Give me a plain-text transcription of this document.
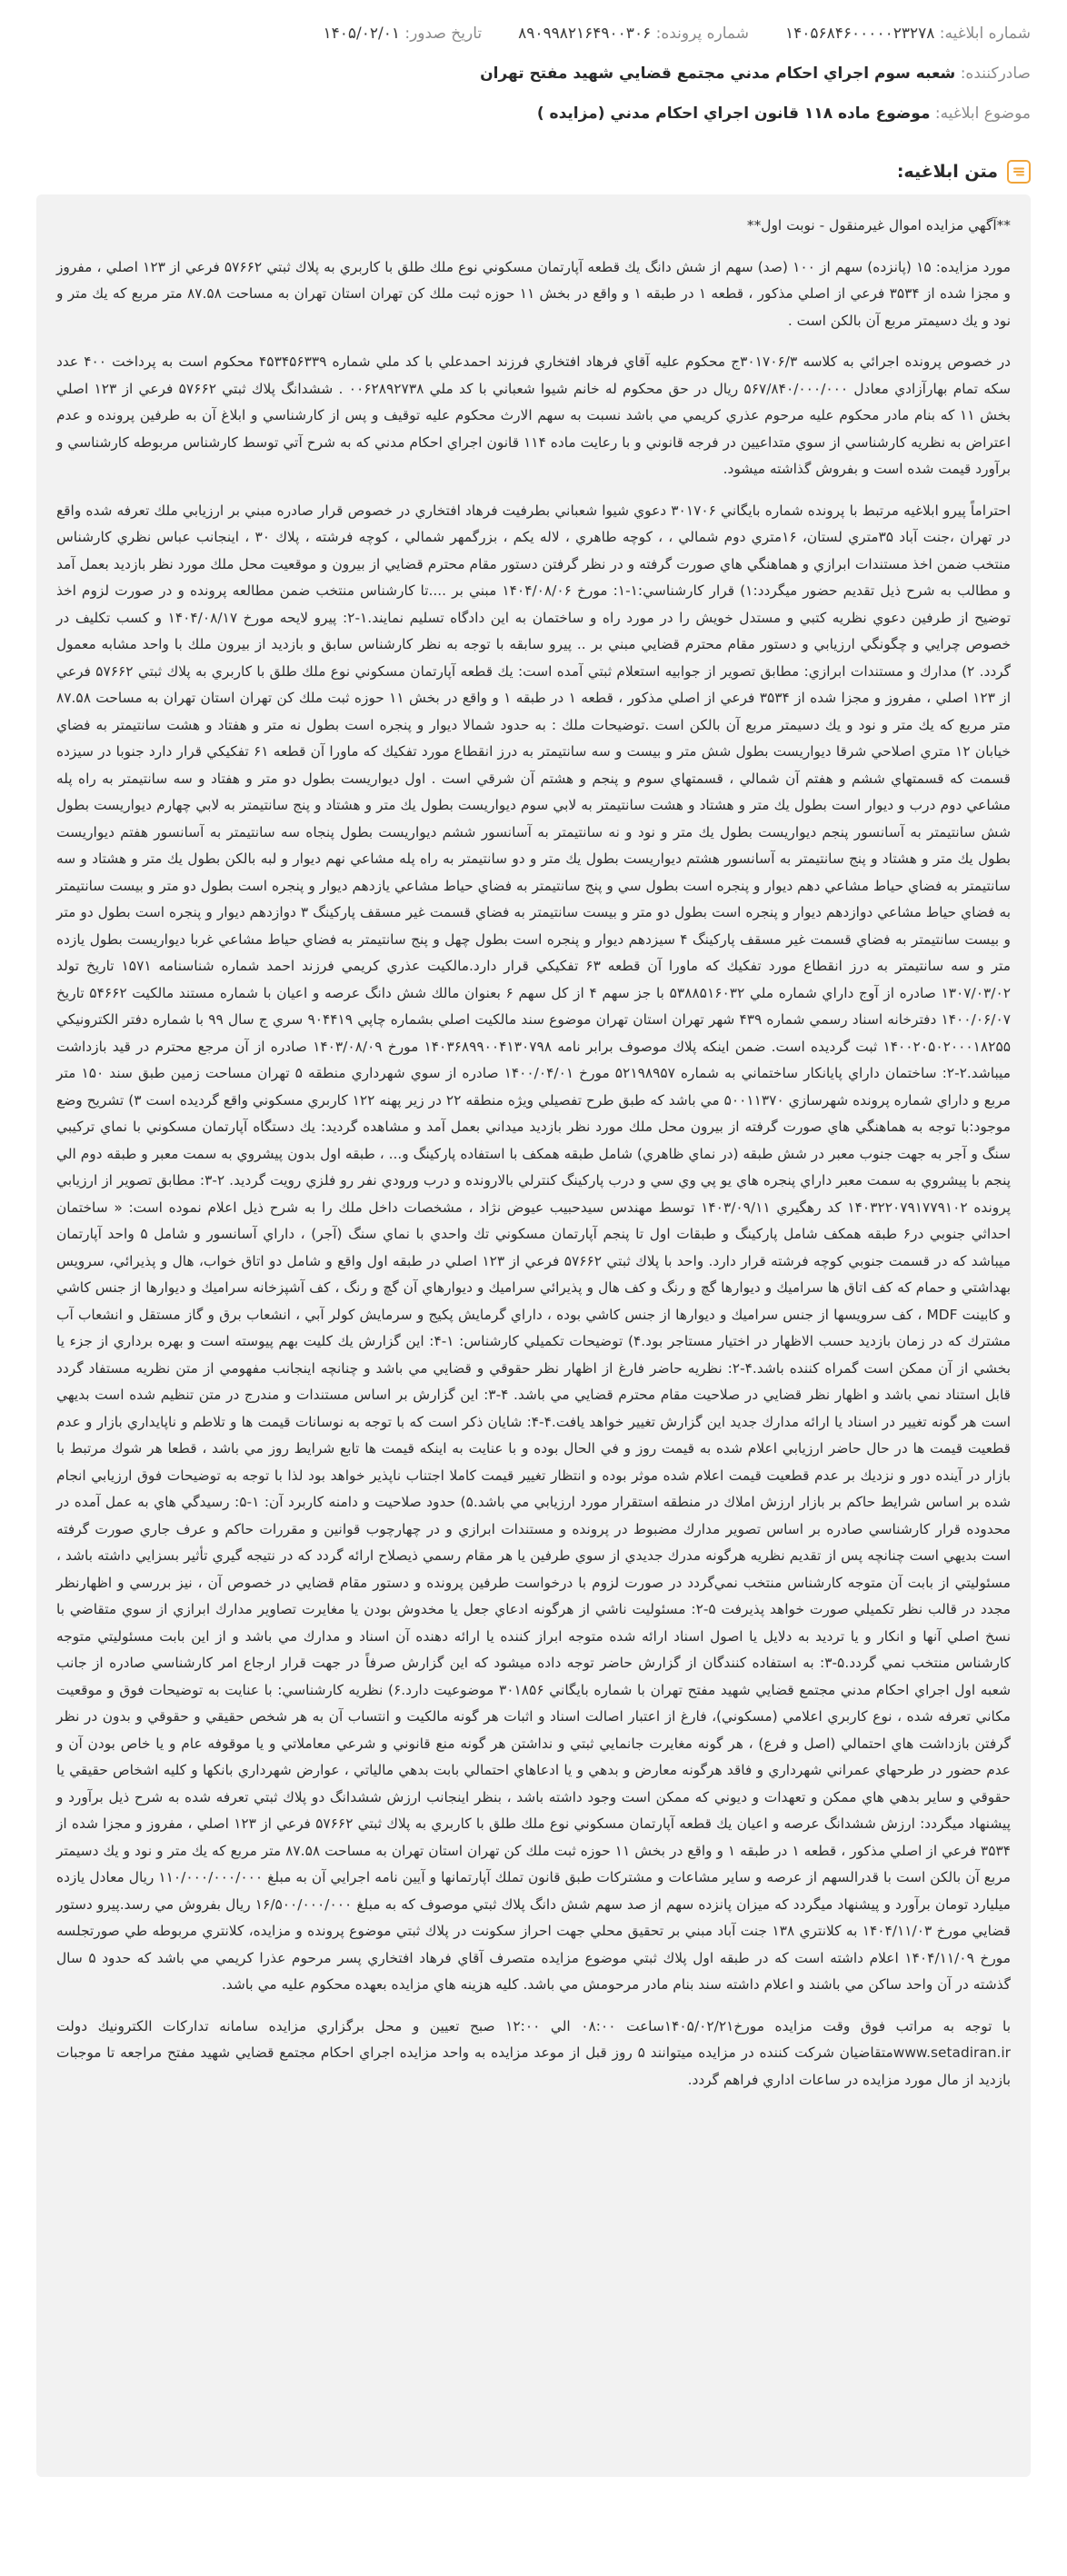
شماره ابلاغيه: ۱۴۰۵۶۸۴۶۰۰۰۰۰۲۳۲۷۸
شماره پرونده: ۸۹۰۹۹۸۲۱۶۴۹۰۰۳۰۶
تاريخ صدور: ۱۴۰۵/۰۲/۰۱
صادرکننده: شعبه سوم اجراي احكام مدني مجتمع قضايي شهيد مفتح تهران
موضوع ابلاغيه: موضوع ماده ۱۱۸ قانون اجراي احكام مدني (مزايده )
متن ابلاغيه:

**آگهي مزايده اموال غيرمنقول - نوبت اول**

مورد مزايده: ۱۵ (پانزده) سهم از ۱۰۰ (صد) سهم از شش دانگ يك قطعه آپارتمان مسكوني نوع ملك طلق با كاربري به پلاك ثبتي ۵۷۶۶۲ فرعي از ۱۲۳ اصلي ، مفروز و مجزا شده از ۳۵۳۴ فرعي از اصلي مذكور ، قطعه ۱ در طبقه ۱ و واقع در بخش ۱۱ حوزه ثبت ملك كن تهران استان تهران به مساحت ۸۷.۵۸ متر مربع كه يك متر و نود و يك دسيمتر مربع آن بالكن است .

در خصوص پرونده اجرائي به كلاسه ۳۰۱۷۰۶/۳ج محكوم عليه آقاي فرهاد افتخاري فرزند احمدعلي با كد ملي شماره ۴۵۳۴۵۶۳۳۹ محكوم است به پرداخت ۴۰۰ عدد سكه تمام بهارآزادي معادل ۵۶۷/۸۴۰/۰۰۰/۰۰۰ ريال در حق محكوم له خانم شيوا شعباني با كد ملي ۰۰۶۲۸۹۲۷۳۸ . ششدانگ پلاك ثبتي ۵۷۶۶۲ فرعي از ۱۲۳ اصلي بخش ۱۱ كه بنام مادر محكوم عليه مرحوم عذري كريمي مي باشد نسبت به سهم الارث محكوم عليه توقيف و پس از كارشناسي و ابلاغ آن به طرفين پرونده و عدم اعتراض به نظريه كارشناسي از سوي متداعيين در فرجه قانوني و با رعايت ماده ۱۱۴ قانون اجراي احكام مدني كه به شرح آتي توسط كارشناس مربوطه كارشناسي و برآورد قيمت شده است و بفروش گذاشته ميشود.

احتراماً پيرو ابلاغيه مرتبط با پرونده شماره بايگاني ۳۰۱۷۰۶ دعوي شيوا شعباني بطرفيت فرهاد افتخاري در خصوص قرار صادره مبني بر ارزيابي ملك تعرفه شده واقع در تهران ،جنت آباد ۳۵متري لستان، ۱۶متري دوم شمالي ، ، كوچه طاهري ، لاله يكم ، بزرگمهر شمالي ، كوچه فرشته ، پلاك ۳۰ ، اينجانب عباس نظري كارشناس منتخب ضمن اخذ مستندات ابرازي و هماهنگي هاي صورت گرفته و در نظر گرفتن دستور مقام محترم قضايي از بيرون و موقعيت محل ملك مورد نظر بازديد بعمل آمد و مطالب به شرح ذيل تقديم حضور ميگردد:۱) قرار كارشناسي:۱-۱: مورخ ۱۴۰۴/۰۸/۰۶ مبني بر ....تا كارشناس منتخب ضمن مطالعه پرونده و در صورت لزوم اخذ توضيح از طرفين دعوي نظريه كتبي و مستدل خويش را در مورد راه و ساختمان به اين دادگاه تسليم نمايند.۱-۲: پيرو لايحه مورخ ۱۴۰۴/۰۸/۱۷ و كسب تكليف در خصوص چرايي و چگونگي ارزيابي و دستور مقام محترم قضايي مبني بر .. پيرو سابقه با توجه به نظر كارشناس سابق و بازديد از بيرون ملك با واحد مشابه معمول گردد. ۲) مدارك و مستندات ابرازي: مطابق تصوير از جوابيه استعلام ثبتي آمده است: يك قطعه آپارتمان مسكوني نوع ملك طلق با كاربري به پلاك ثبتي ۵۷۶۶۲ فرعي از ۱۲۳ اصلي ، مفروز و مجزا شده از ۳۵۳۴ فرعي از اصلي مذكور ، قطعه ۱ در طبقه ۱ و واقع در بخش ۱۱ حوزه ثبت ملك كن تهران استان تهران به مساحت ۸۷.۵۸ متر مربع كه يك متر و نود و يك دسيمتر مربع آن بالكن است .توضيحات ملك : به حدود شمالا ديوار و پنجره است بطول نه متر و هفتاد و هشت سانتيمتر به فضاي خيابان ۱۲ متري اصلاحي شرقا ديواريست بطول شش متر و بيست و سه سانتيمتر به درز انقطاع مورد تفكيك كه ماورا آن قطعه ۶۱ تفكيكي قرار دارد جنوبا در سيزده قسمت كه قسمتهاي ششم و هفتم آن شمالي ، قسمتهاي سوم و پنجم و هشتم آن شرقي است . اول ديواريست بطول دو متر و هفتاد و سه سانتيمتر به راه پله مشاعي دوم درب و ديوار است بطول يك متر و هشتاد و هشت سانتيمتر به لابي سوم ديواريست بطول يك متر و هشتاد و پنج سانتيمتر به لابي چهارم ديواريست بطول شش سانتيمتر به آسانسور پنجم ديواريست بطول يك متر و نود و نه سانتيمتر به آسانسور ششم ديواريست بطول پنجاه سه سانتيمتر به آسانسور هفتم ديواريست بطول يك متر و هشتاد و پنج سانتيمتر به آسانسور هشتم ديواريست بطول يك متر و دو سانتيمتر به راه پله مشاعي نهم ديوار و لبه بالكن بطول يك متر و هشتاد و سه سانتيمتر به فضاي حياط مشاعي دهم ديوار و پنجره است بطول سي و پنج سانتيمتر به فضاي حياط مشاعي يازدهم ديوار و پنجره است بطول دو متر و بيست سانتيمتر به فضاي حياط مشاعي دوازدهم ديوار و پنجره است بطول دو متر و بيست سانتيمتر به فضاي قسمت غير مسقف پاركينگ ۳ دوازدهم ديوار و پنجره است بطول دو متر و بيست سانتيمتر به فضاي قسمت غير مسقف پاركينگ ۴ سيزدهم ديوار و پنجره است بطول چهل و پنج سانتيمتر به فضاي حياط مشاعي غربا ديواريست بطول يازده متر و سه سانتيمتر به درز انقطاع مورد تفكيك كه ماورا آن قطعه ۶۳ تفكيكي قرار دارد.مالكيت عذري كريمي فرزند احمد شماره شناسنامه ۱۵۷۱ تاريخ تولد ۱۳۰۷/۰۳/۰۲ صادره از آوج داراي شماره ملي ۵۳۸۸۵۱۶۰۳۲ با جز سهم ۴ از كل سهم ۶ بعنوان مالك شش دانگ عرصه و اعيان با شماره مستند مالكيت ۵۴۶۶۲ تاريخ ۱۴۰۰/۰۶/۰۷ دفترخانه اسناد رسمي شماره ۴۳۹ شهر تهران استان تهران موضوع سند مالكيت اصلي بشماره چاپي ۹۰۴۴۱۹ سري ج سال ۹۹ با شماره دفتر الكترونيكي ۱۴۰۰۲۰۵۰۲۰۰۰۱۸۲۵۵ ثبت گرديده است. ضمن اينكه پلاك موصوف برابر نامه ۱۴۰۳۶۸۹۹۰۰۴۱۳۰۷۹۸ مورخ ۱۴۰۳/۰۸/۰۹ صادره از آن مرجع محترم در قيد بازداشت ميباشد.۲-۲: ساختمان داراي پايانكار ساختماني به شماره ۵۲۱۹۸۹۵۷ مورخ ۱۴۰۰/۰۴/۰۱ صادره از سوي شهرداري منطقه ۵ تهران مساحت زمين طبق سند ۱۵۰ متر مربع و داراي شماره پرونده شهرسازي ۵۰۰۱۱۳۷۰ مي باشد كه طبق طرح تفصيلي ويژه منطقه ۲۲ در زير پهنه ۱۲۲ كاربري مسكوني واقع گرديده است ۳) تشريح وضع موجود:با توجه به هماهنگي هاي صورت گرفته از بيرون محل ملك مورد نظر بازديد ميداني بعمل آمد و مشاهده گرديد: يك دستگاه آپارتمان مسكوني با نماي تركيبي سنگ و آجر به جهت جنوب معبر در شش طبقه (در نماي ظاهري) شامل طبقه همكف با استفاده پاركينگ و... ، طبقه اول بدون پيشروي به سمت معبر و طبقه دوم الي پنجم با پيشروي به سمت معبر داراي پنجره هاي يو پي وي سي و درب پاركينگ كنترلي بالارونده و درب ورودي نفر رو فلزي رويت گرديد. ۲-۳: مطابق تصوير از ارزيابي پرونده ۱۴۰۳۲۲۰۷۹۱۷۷۹۱۰۲ كد رهگيري ۱۴۰۳/۰۹/۱۱ توسط مهندس سيدحبيب عيوض نژاد ، مشخصات داخل ملك را به شرح ذيل اعلام نموده است: « ساختمان احداثي جنوبي در۶ طبقه همكف شامل پاركينگ و طبقات اول تا پنجم آپارتمان مسكوني تك واحدي با نماي سنگ (آجر) ، داراي آسانسور و شامل ۵ واحد آپارتمان ميباشد كه در قسمت جنوبي كوچه فرشته قرار دارد. واحد با پلاك ثبتي ۵۷۶۶۲ فرعي از ۱۲۳ اصلي در طبقه اول واقع و شامل دو اتاق خواب، هال و پذيرائي، سرويس بهداشتي و حمام كه كف اتاق ها سراميك و ديوارها گچ و رنگ و كف هال و پذيرائي سراميك و ديوارهاي آن گچ و رنگ ، كف آشپزخانه سراميك و ديوارها از جنس كاشي و كابينت MDF ، كف سرويسها از جنس سراميك و ديوارها از جنس كاشي بوده ، داراي گرمايش پكيج و سرمايش كولر آبي ، انشعاب برق و گاز مستقل و انشعاب آب مشترك كه در زمان بازديد حسب الاظهار در اختيار مستاجر بود.۴) توضيحات تكميلي كارشناس: ۱-۴: اين گزارش يك كليت بهم پيوسته است و بهره برداري از جزء يا بخشي از آن ممكن است گمراه كننده باشد.۴-۲: نظريه حاضر فارغ از اظهار نظر حقوقي و قضايي مي باشد و چنانچه اينجانب مفهومي از متن نظريه مستفاد گردد قابل استناد نمي باشد و اظهار نظر قضايي در صلاحيت مقام محترم قضايي مي باشد. ۴-۳: اين گزارش بر اساس مستندات و مندرج در متن تنظيم شده است بديهي است هر گونه تغيير در اسناد يا ارائه مدارك جديد اين گزارش تغيير خواهد يافت.۴-۴: شايان ذكر است كه با توجه به نوسانات قيمت ها و تلاطم و ناپايداري بازار و عدم قطعيت قيمت ها در حال حاضر ارزيابي اعلام شده به قيمت روز و في الحال بوده و با عنايت به اينكه قيمت ها تابع شرايط روز مي باشد ، قطعا هر شوك مرتبط با بازار در آينده دور و نزديك بر عدم قطعيت قيمت اعلام شده موثر بوده و انتظار تغيير قيمت كاملا اجتناب ناپذير خواهد بود لذا با توجه به توضيحات فوق ارزيابي انجام شده بر اساس شرايط حاكم بر بازار ارزش املاك در منطقه استقرار مورد ارزيابي مي باشد.۵) حدود صلاحيت و دامنه كاربرد آن: ۱-۵: رسيدگي هاي به عمل آمده در محدوده قرار كارشناسي صادره بر اساس تصوير مدارك مضبوط در پرونده و مستندات ابرازي و در چهارچوب قوانين و مقررات حاكم و عرف جاري صورت گرفته است بديهي است چنانچه پس از تقديم نظريه هرگونه مدرك جديدي از سوي طرفين يا هر مقام رسمي ذيصلاح ارائه گردد كه در نتيجه گيري تأثير بسزايي داشته باشد ، مسئوليتي از بابت آن متوجه كارشناس منتخب نمي‌گردد در صورت لزوم با درخواست طرفين پرونده و دستور مقام قضايي در خصوص آن ، نيز بررسي و اظهارنظر مجدد در قالب نظر تكميلي صورت خواهد پذيرفت ۵-۲: مسئوليت ناشي از هرگونه ادعاي جعل يا مخدوش بودن يا مغايرت تصاوير مدارك ابرازي از سوي متقاضي با نسخ اصلي آنها و انكار و يا ترديد به دلايل يا اصول اسناد ارائه شده متوجه ابراز كننده يا ارائه دهنده آن اسناد و مدارك مي باشد و از اين بابت مسئوليتي متوجه كارشناس منتخب نمي گردد.۵-۳: به استفاده كنندگان از گزارش حاضر توجه داده ميشود كه اين گزارش صرفاً در جهت قرار ارجاع امر كارشناسي صادره از جانب شعبه اول اجراي احكام مدني مجتمع قضايي شهيد مفتح تهران با شماره بايگاني ۳۰۱۸۵۶ موضوعيت دارد.۶) نظريه كارشناسي: با عنايت به توضيحات فوق و موقعيت مكاني تعرفه شده ، نوع كاربري اعلامي (مسكوني)، فارغ از اعتبار اصالت اسناد و اثبات هر گونه مالكيت و انتساب آن به هر شخص حقيقي و حقوقي و بدون در نظر گرفتن بازداشت هاي احتمالي (اصل و فرع) ، هر گونه مغايرت جانمايي ثبتي و نداشتن هر گونه منع قانوني و شرعي معاملاتي و يا موقوفه عام و يا خاص بودن آن و عدم حضور در طرحهاي عمراني شهرداري و فاقد هرگونه معارض و بدهي و يا ادعاهاي احتمالي بابت بدهي مالياتي ، عوارض شهرداري بانكها و كليه اشخاص حقيقي يا حقوقي و ساير بدهي هاي ممكن و تعهدات و ديوني كه ممكن است وجود داشته باشد ، بنظر اينجانب ارزش ششدانگ دو پلاك ثبتي تعرفه شده به شرح ذيل برآورد و پيشنهاد ميگردد: ارزش ششدانگ عرصه و اعيان يك قطعه آپارتمان مسكوني نوع ملك طلق با كاربري به پلاك ثبتي ۵۷۶۶۲ فرعي از ۱۲۳ اصلي ، مفروز و مجزا شده از ۳۵۳۴ فرعي از اصلي مذكور ، قطعه ۱ در طبقه ۱ و واقع در بخش ۱۱ حوزه ثبت ملك كن تهران استان تهران به مساحت ۸۷.۵۸ متر مربع كه يك متر و نود و يك دسيمتر مربع آن بالكن است با قدرالسهم از عرصه و ساير مشاعات و مشتركات طبق قانون تملك آپارتمانها و آيين نامه اجرايي آن به مبلغ ۱۱۰/۰۰۰/۰۰۰/۰۰۰ ريال معادل يازده ميليارد تومان برآورد و پيشنهاد ميگردد كه ميزان پانزده سهم از صد سهم شش دانگ پلاك ثبتي موصوف كه به مبلغ ۱۶/۵۰۰/۰۰۰/۰۰۰ ريال بفروش مي رسد.پيرو دستور قضايي مورخ ۱۴۰۴/۱۱/۰۳ به كلانتري ۱۳۸ جنت آباد مبني بر تحقيق محلي جهت احراز سكونت در پلاك ثبتي موضوع پرونده و مزايده، كلانتري مربوطه طي صورتجلسه مورخ ۱۴۰۴/۱۱/۰۹ اعلام داشته است كه در طبقه اول پلاك ثبتي موضوع مزايده متصرف آقاي فرهاد افتخاري پسر مرحوم عذرا كريمي مي باشد كه حدود ۵ سال گذشته در آن واحد ساكن مي باشند و اعلام داشته سند بنام مادر مرحومش مي باشد. كليه هزينه هاي مزايده بعهده محكوم عليه مي باشد.

با توجه به مراتب فوق وقت مزايده مورخ۱۴۰۵/۰۲/۲۱ساعت ۰۸:۰۰ الي ۱۲:۰۰ صبح تعيين و محل برگزاري مزايده سامانه تداركات الكترونيك دولت www.setadiran.irمتقاضيان شركت كننده در مزايده ميتوانند ۵ روز قبل از موعد مزايده به واحد مزايده اجراي احكام مجتمع قضايي شهيد مفتح مراجعه تا موجبات بازديد از مال مورد مزايده در ساعات اداري فراهم گردد.
